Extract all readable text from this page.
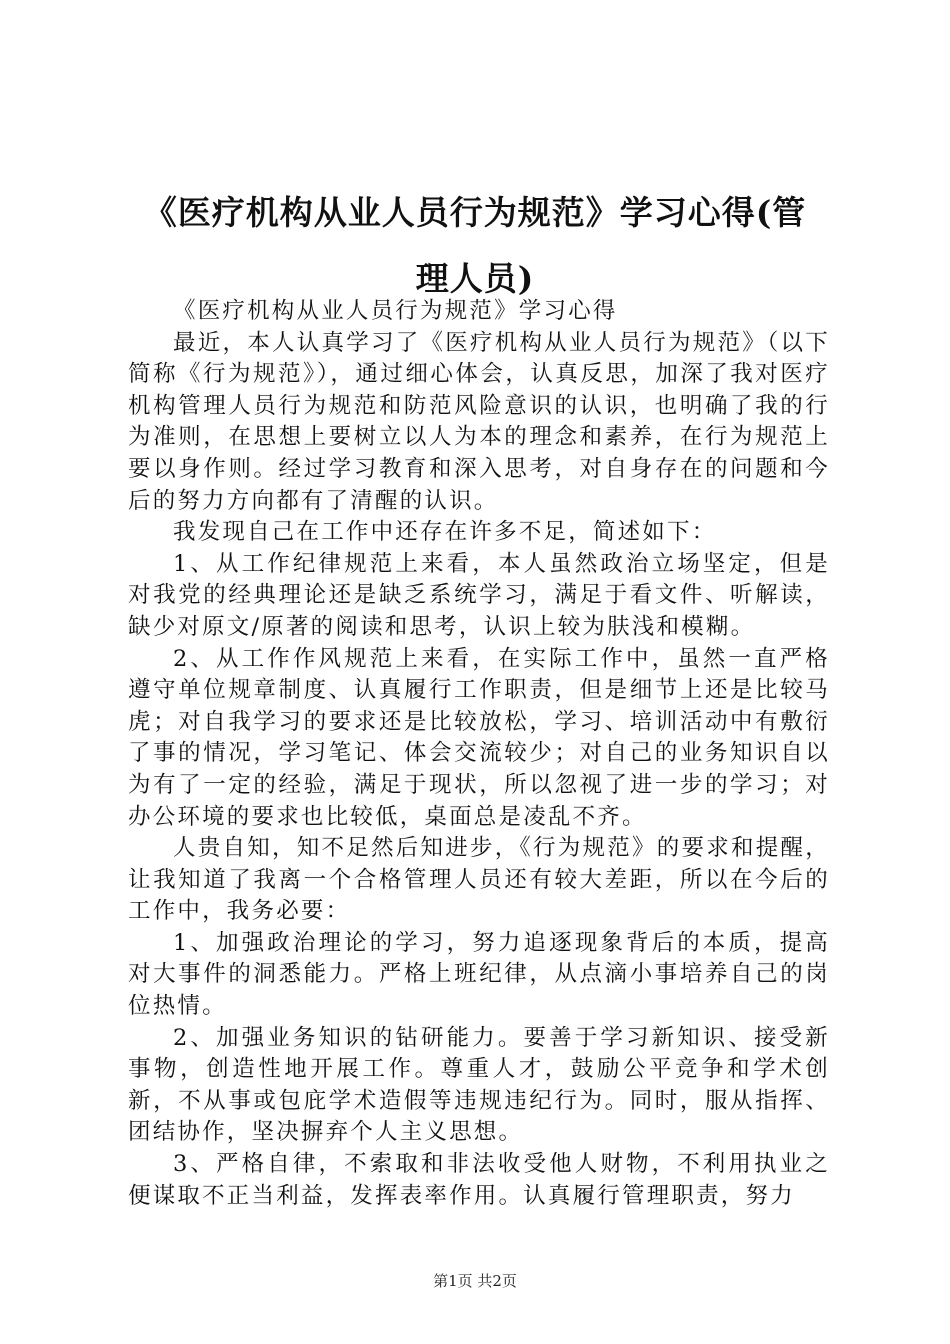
《医疗机构从业人员行为规范》学习心得(管
理人员)

《医疗机构从业人员行为规范》学习心得

最近，本人认真学习了《医疗机构从业人员行为规范》（以下简称《行为规范》），通过细心体会，认真反思，加深了我对医疗机构管理人员行为规范和防范风险意识的认识，也明确了我的行为准则，在思想上要树立以人为本的理念和素养，在行为规范上要以身作则。经过学习教育和深入思考，对自身存在的问题和今后的努力方向都有了清醒的认识。

我发现自己在工作中还存在许多不足，简述如下：

1、从工作纪律规范上来看，本人虽然政治立场坚定，但是对我党的经典理论还是缺乏系统学习，满足于看文件、听解读，缺少对原文/原著的阅读和思考，认识上较为肤浅和模糊。

2、从工作作风规范上来看，在实际工作中，虽然一直严格遵守单位规章制度、认真履行工作职责，但是细节上还是比较马虎；对自我学习的要求还是比较放松，学习、培训活动中有敷衍了事的情况，学习笔记、体会交流较少；对自己的业务知识自以为有了一定的经验，满足于现状，所以忽视了进一步的学习；对办公环境的要求也比较低，桌面总是凌乱不齐。

人贵自知，知不足然后知进步，《行为规范》的要求和提醒，让我知道了我离一个合格管理人员还有较大差距，所以在今后的工作中，我务必要：

1、加强政治理论的学习，努力追逐现象背后的本质，提高对大事件的洞悉能力。严格上班纪律，从点滴小事培养自己的岗位热情。

2、加强业务知识的钻研能力。要善于学习新知识、接受新事物，创造性地开展工作。尊重人才，鼓励公平竞争和学术创新，不从事或包庇学术造假等违规违纪行为。同时，服从指挥、团结协作，坚决摒弃个人主义思想。

3、严格自律，不索取和非法收受他人财物，不利用执业之便谋取不正当利益，发挥表率作用。认真履行管理职责，努力

第1页 共2页
